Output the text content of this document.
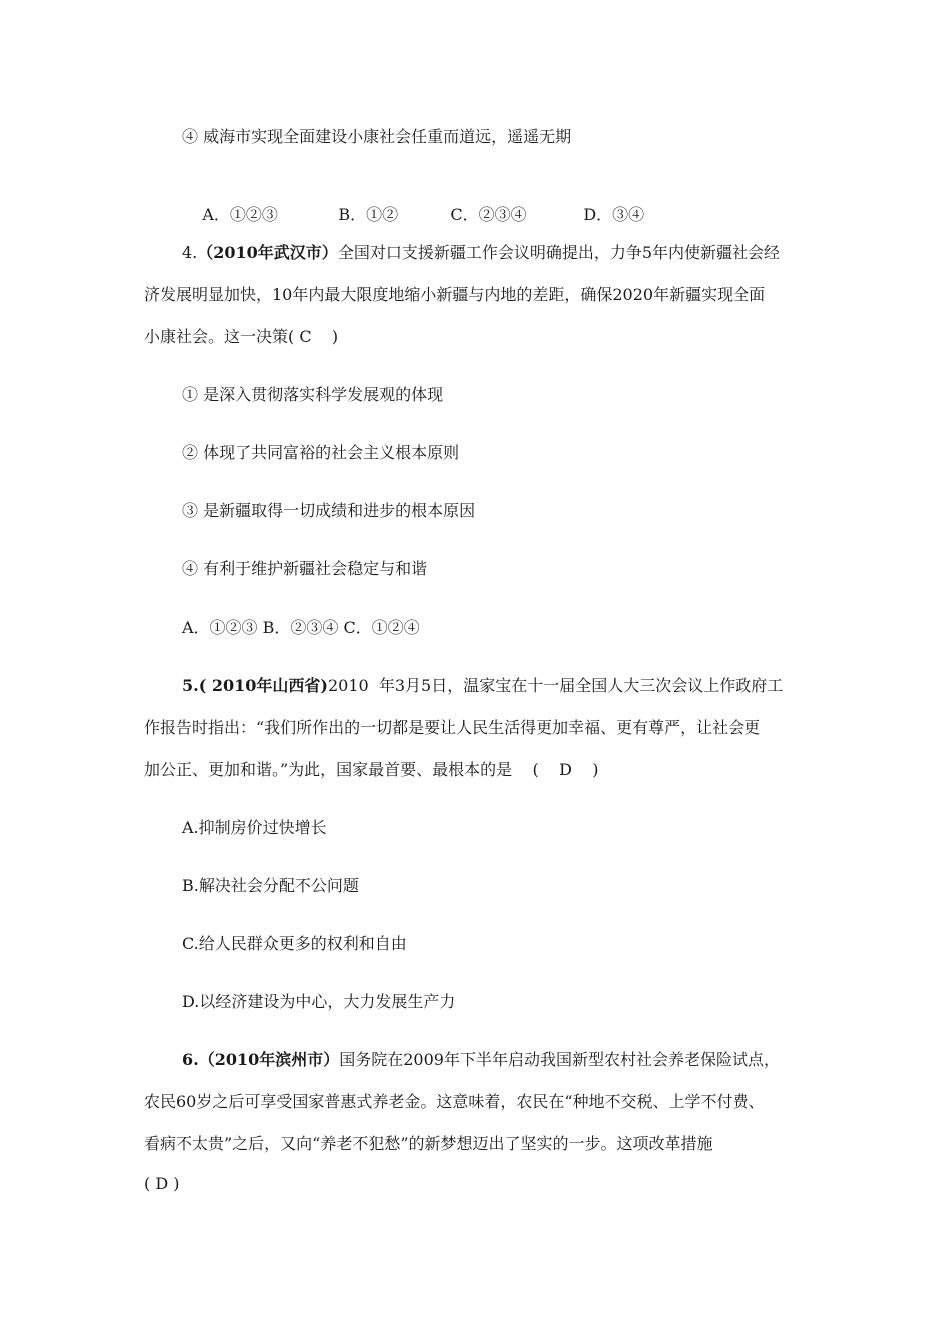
④ 威海市实现全面建设小康社会任重而道远，遥遥无期

A．①②③	B．①②	C．②③④	D．③④

4.（2010年武汉市）全国对口支援新疆工作会议明确提出，力争5年内使新疆社会经
济发展明显加快，10年内最大限度地缩小新疆与内地的差距，确保2020年新疆实现全面
小康社会。这一决策( C    )
① 是深入贯彻落实科学发展观的体现
② 体现了共同富裕的社会主义根本原则
③ 是新疆取得一切成绩和进步的根本原因
④ 有利于维护新疆社会稳定与和谐
A．①②③ B．②③④ C．①②④
5.( 2010年山西省)2010  年3月5日，温家宝在十一届全国人大三次会议上作政府工
作报告时指出：“我们所作出的一切都是要让人民生活得更加幸福、更有尊严，让社会更
加公正、更加和谐。”为此，国家最首要、最根本的是    (    D    )
A.抑制房价过快增长
B.解决社会分配不公问题
C.给人民群众更多的权利和自由
D.以经济建设为中心，大力发展生产力
6.（2010年滨州市）国务院在2009年下半年启动我国新型农村社会养老保险试点，
农民60岁之后可享受国家普惠式养老金。这意味着，农民在“种地不交税、上学不付费、
看病不太贵”之后，又向“养老不犯愁”的新梦想迈出了坚实的一步。这项改革措施
( D )
